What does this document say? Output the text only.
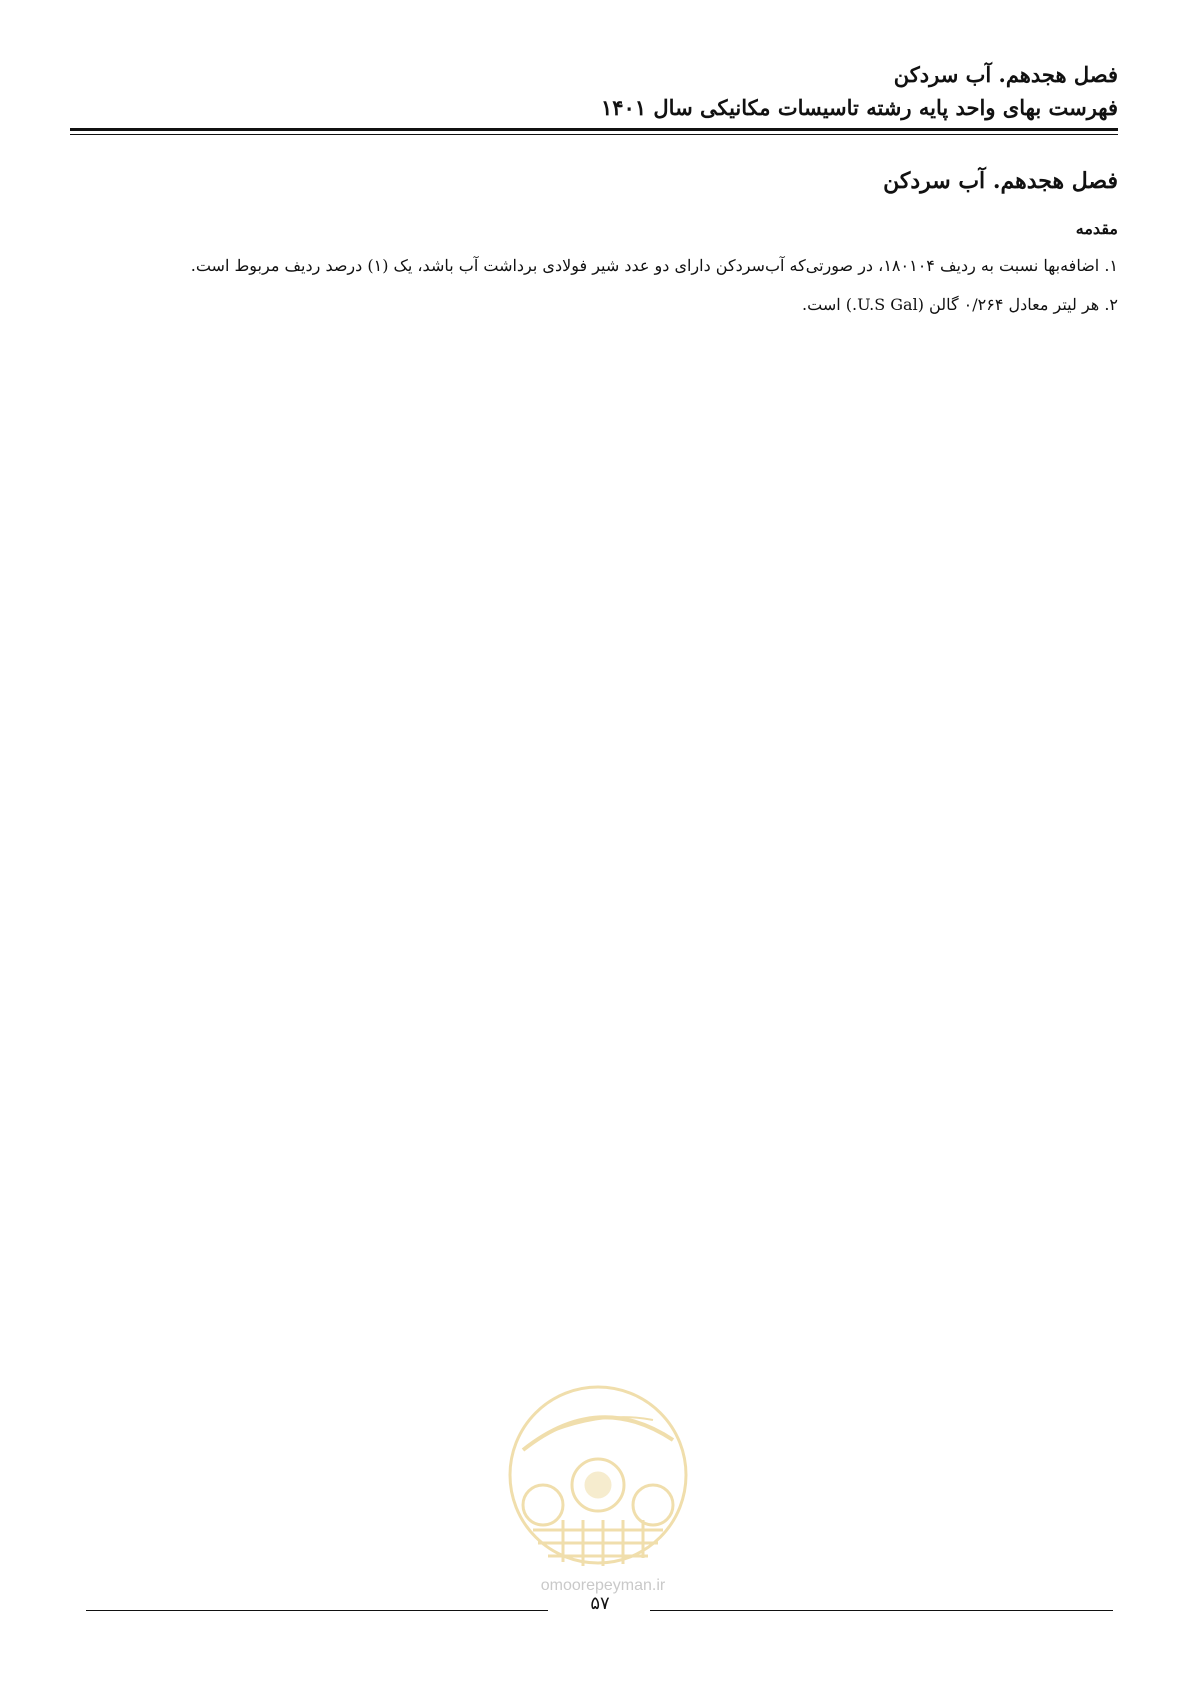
فصل هجدهم. آب سردکن
فهرست بهای واحد پایه رشته تاسیسات مکانیکی سال ۱۴۰۱
فصل هجدهم. آب سردکن
مقدمه

۱. اضافه‌بها نسبت به ردیف ۱۸۰۱۰۴، در صورتی‌که آب‌سردکن دارای دو عدد شیر فولادی برداشت آب باشد، یک (۱) درصد ردیف مربوط است.

۲. هر لیتر معادل ۰/۲۶۴ گالن (U.S Gal.) است.

omoorepeyman.ir
۵۷
